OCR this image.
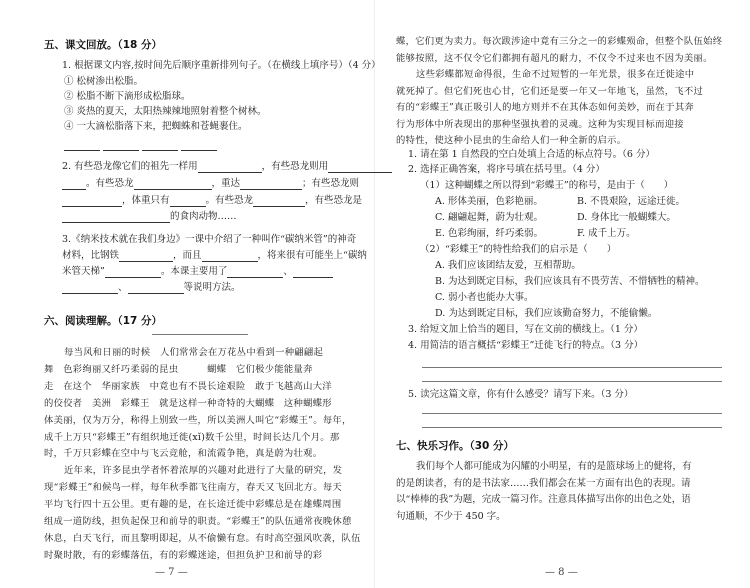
五、课文回放。（18 分）
1. 根据课文内容,按时间先后顺序重新排列句子。（在横线上填序号）（4 分）
① 松树渗出松脂。
② 松脂不断下滴形成松脂球。
③ 炎热的夏天，太阳热辣辣地照射着整个树林。
④ 一大滴松脂落下来，把蜘蛛和苍蝇裹住。

2. 有些恐龙像它们的祖先一样用	，有些恐龙则用
。有些恐龙	，重达	；有些恐龙则
，体重只有	。有些恐龙	，有些恐龙是
的食肉动物……
3.《纳米技术就在我们身边》一课中介绍了一种叫作“碳纳米管”的神奇
材料，比钢铁	，而且	，将来很有可能坐上“碳纳
米管天梯”	。本课主要用了	、
、	等说明方法。
六、阅读理解。（17 分）
每当风和日丽的时候　人们常常会在万花丛中看到一种翩翩起
舞　色彩绚丽又纤巧柔弱的昆虫　　　蝴蝶　它们极少能能量奔
走　在这个　华丽家族　中竟也有不畏长途艰险　敢于飞越高山大洋
的佼佼者　美洲　彩蝶王　就是这样一种奇特的大蝴蝶　这种蝴蝶形
体美丽，仅为万分，称得上别致一些，所以美洲人叫它“彩蝶王”。每年，
成千上万只“彩蝶王”有组织地迁徙(xǐ)数千公里，时间长达几个月。那
时，千万只彩蝶在空中与飞云竞舱，和流霞争艳，真是蔚为壮观。
近年来，许多昆虫学者怀着浓厚的兴趣对此进行了大量的研究，发
现“彩蝶王”和候鸟一样，每年秋季都飞往南方，春天又飞回北方。每天
平均飞行四十五公里。更有趣的是，在长途迁徙中彩蝶总是在雄蝶周围
组成一道防线，担负起保卫和前导的职责。“彩蝶王”的队伍通常夜晚休憩
休息，白天飞行，而且黎明即起，从不偷懒有怠。有时高空强风吹袭，队伍
时聚时散，有的彩蝶落伍，有的彩蝶迷途，但担负护卫和前导的彩
— 7 —
蝶，它们更为卖力。每次跋涉途中竟有三分之一的彩蝶殒命，但整个队伍始终
能够按照，这不仅令它们都拥有超凡的耐力，不仅令不过来也不因为美丽。
这些彩蝶都短命得很，生命不过短暂的一年光景，很多在迁徙途中
就死掉了。但它们死也心甘，它们还是要一年又一年地飞，虽然，飞不过
有的“彩蝶王”真正吸引人的地方则并不在其体态如何美妙，而在于其奔
行为形体中所表现出的那种坚强执着的灵魂。这种为实现目标而迎接
的特性，使这种小昆虫的生命给人们一种全新的启示。
1. 请在第 1 自然段的空白处填上合适的标点符号。（6 分）
2. 选择正确答案，将序号填在括号里。（4 分）
（1）这种蝴蝶之所以得到“彩蝶王”的称号，是由于（　　）
A. 形体美丽，色彩艳丽。	B. 不畏艰险，远途迁徙。
C. 翩翩起舞，蔚为壮观。	D. 身体比一般蝴蝶大。
E. 色彩绚丽，纤巧柔弱。	F. 成千上万。
（2）“彩蝶王”的特性给我们的启示是（　　）
A. 我们应该团结友爱，互相帮助。
B. 为达到既定目标，我们应该具有不畏劳苦、不惜牺牲的精神。
C. 弱小者也能办大事。
D. 为达到既定目标，我们应该勤奋努力，不能偷懒。
3. 给短文加上恰当的题目，写在文前的横线上。（1 分）
4. 用简洁的语言概括“彩蝶王”迁徙飞行的特点。（3 分）
5. 读完这篇文章，你有什么感受？请写下来。（3 分）
七、快乐习作。（30 分）
我们每个人都可能成为闪耀的小明星，有的是篮球场上的健将，有
的是朗读者，有的是书法家……我们都会在某一方面有出色的表现。请
以“棒棒的我”为题，完成一篇习作。注意具体描写出你的出色之处，语
句通顺，不少于 450 字。
— 8 —
